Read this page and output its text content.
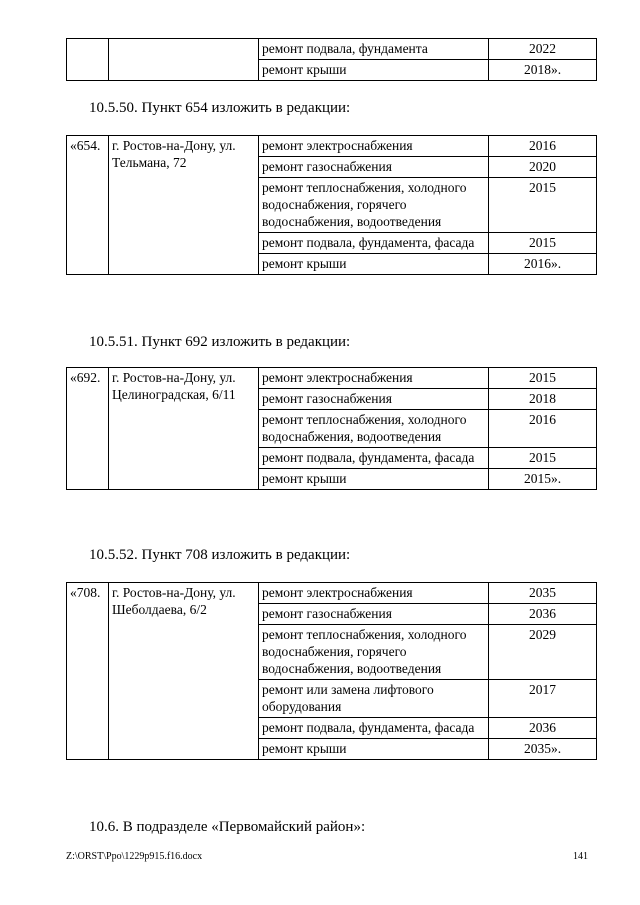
		ремонт подвала, фундамента	2022
		ремонт крыши	2018».
10.5.50. Пункт 654 изложить в редакции:
«654.	г. Ростов-на-Дону, ул. Тельмана, 72	ремонт электроснабжения	2016
		ремонт газоснабжения	2020
		ремонт теплоснабжения, холодного водоснабжения, горячего водоснабжения, водоотведения	2015
		ремонт подвала, фундамента, фасада	2015
		ремонт крыши	2016».
10.5.51. Пункт 692 изложить в редакции:
«692.	г. Ростов-на-Дону, ул. Целиноградская, 6/11	ремонт электроснабжения	2015
		ремонт газоснабжения	2018
		ремонт теплоснабжения, холодного водоснабжения, водоотведения	2016
		ремонт подвала, фундамента, фасада	2015
		ремонт крыши	2015».
10.5.52. Пункт 708 изложить в редакции:
«708.	г. Ростов-на-Дону, ул. Шеболдаева, 6/2	ремонт электроснабжения	2035
		ремонт газоснабжения	2036
		ремонт теплоснабжения, холодного водоснабжения, горячего водоснабжения, водоотведения	2029
		ремонт или замена лифтового оборудования	2017
		ремонт подвала, фундамента, фасада	2036
		ремонт крыши	2035».
10.6. В подразделе «Первомайский район»:
Z:\ORST\Ppo\1229p915.f16.docx	141
